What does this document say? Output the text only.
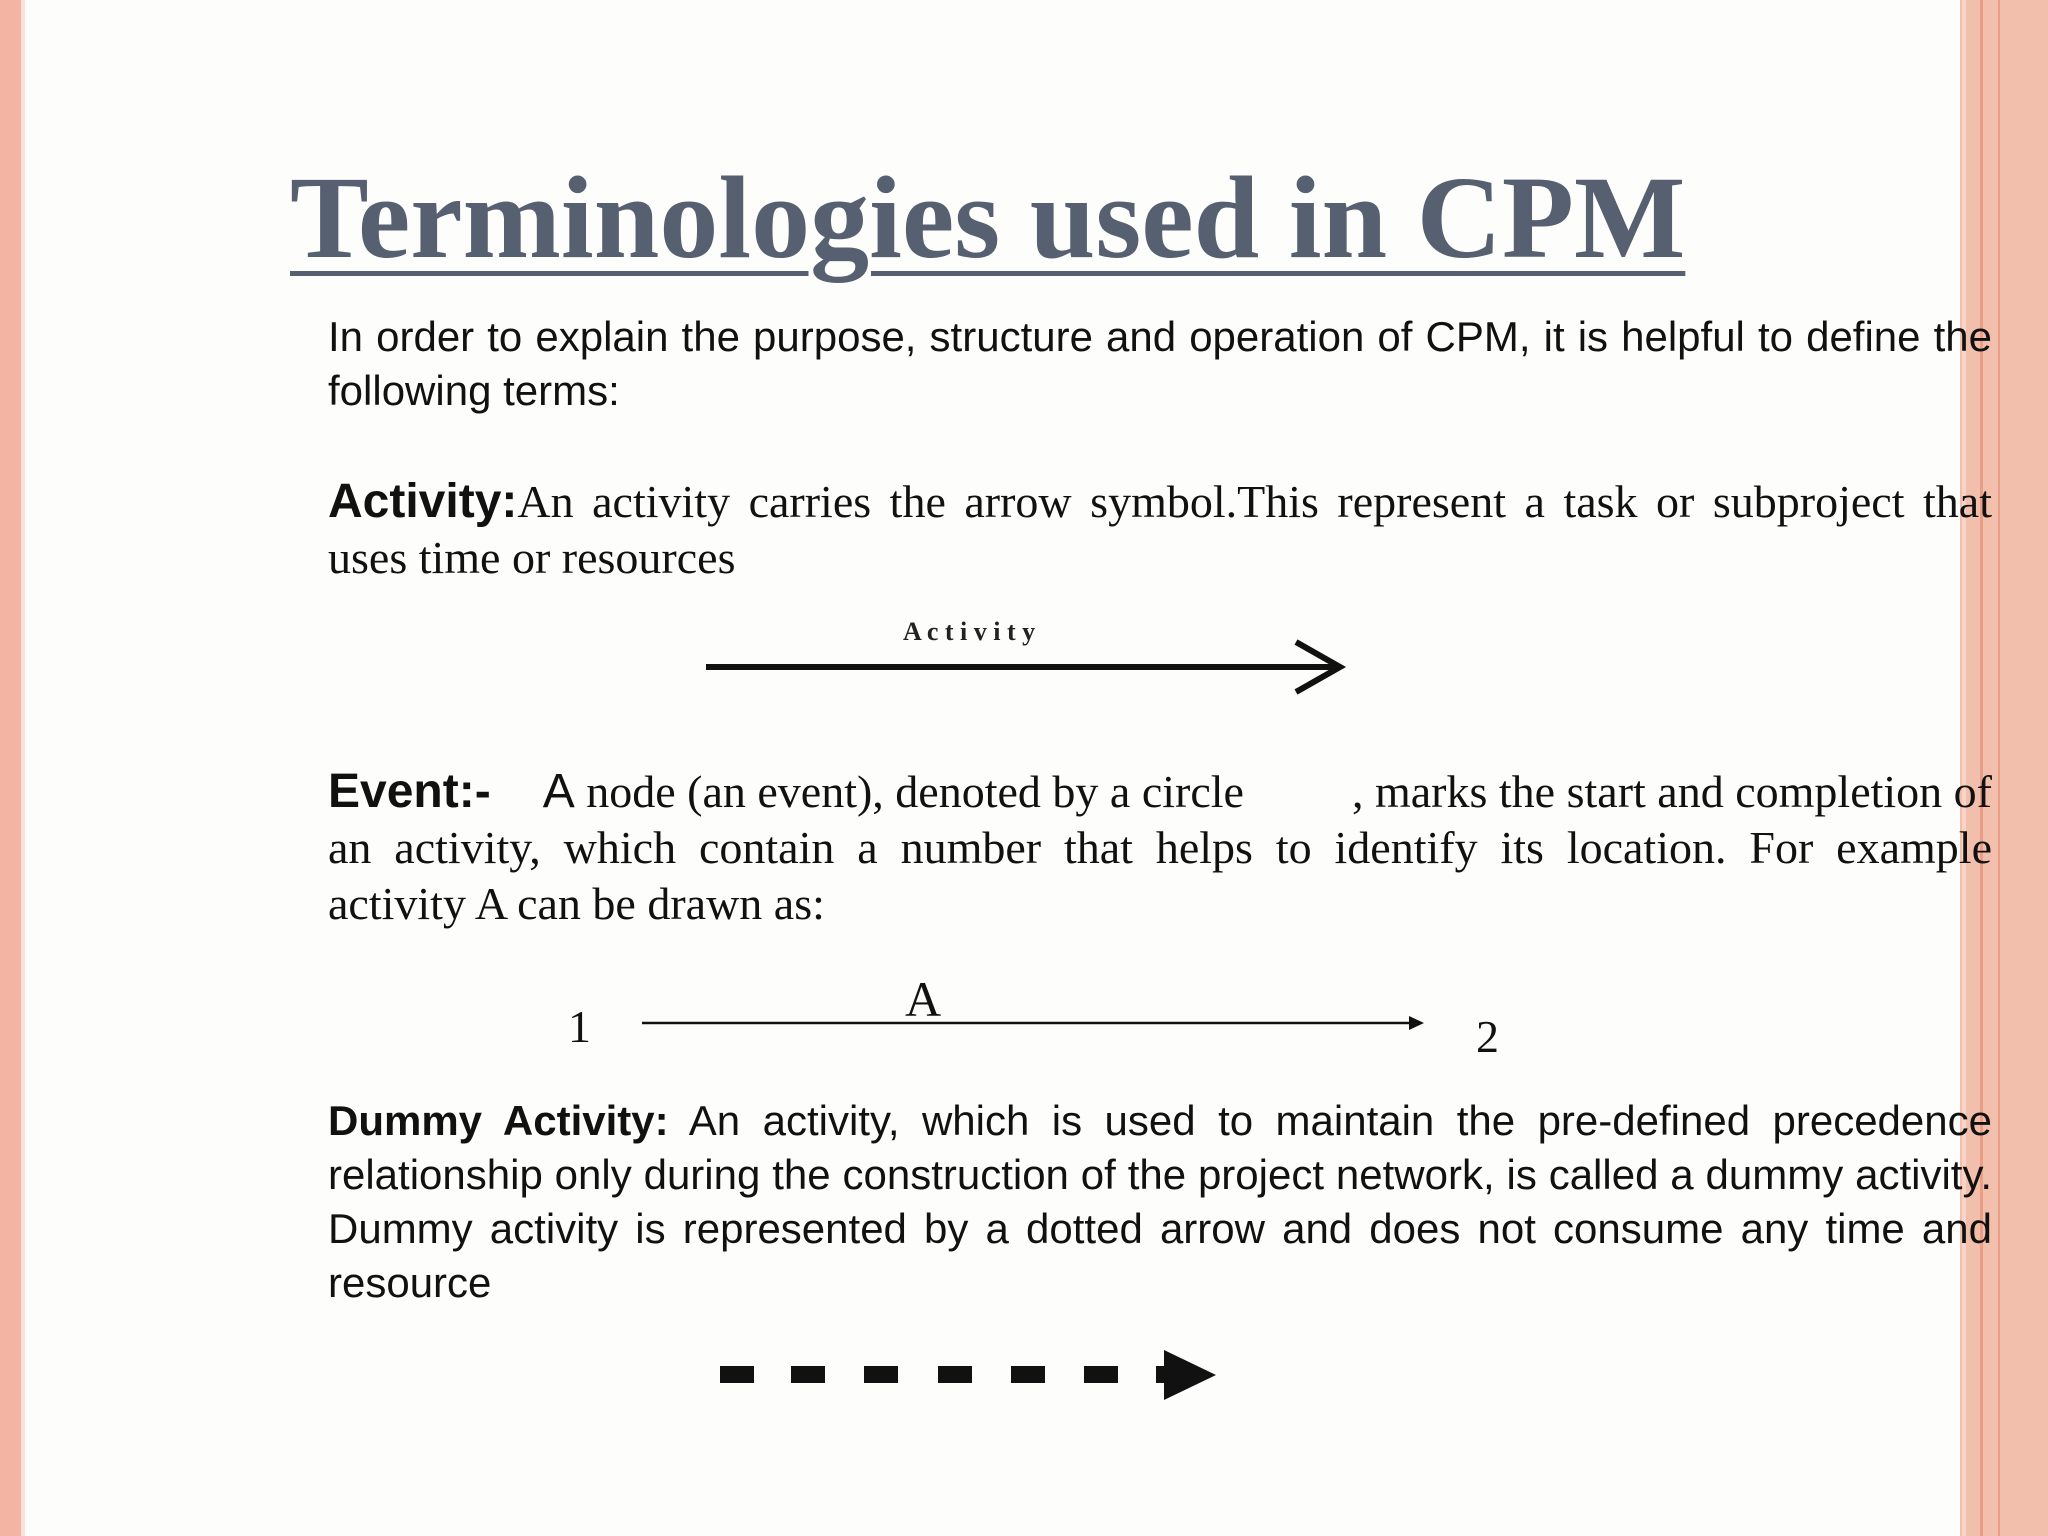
Terminologies used in CPM
In order to explain the purpose, structure and operation of CPM, it is helpful to define the following terms:
Activity:An activity carries the arrow symbol.This represent a task or subproject that uses time or resources
A c t i v i t y
1	A
2
Event:- A node (an event), denoted by a circle , marks the start and completion of an activity, which contain a number that helps to identify its location. For example activity A can be drawn as:
Dummy Activity: An activity, which is used to maintain the pre-defined precedence relationship only during the construction of the project network, is called a dummy activity. Dummy activity is represented by a dotted arrow and does not consume any time and resource
